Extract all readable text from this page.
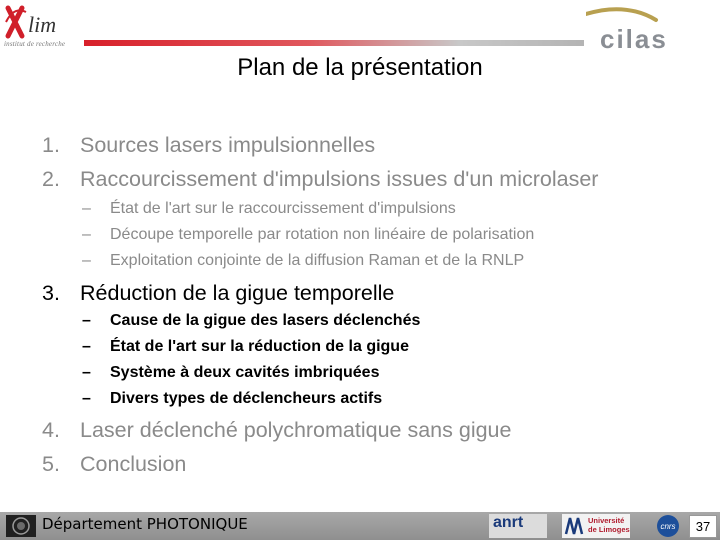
lim
institut de recherche	cilas
Plan de la présentation
1. Sources lasers impulsionnelles
2. Raccourcissement d'impulsions issues d'un microlaser
– État de l'art sur le raccourcissement d'impulsions
– Découpe temporelle par rotation non linéaire de polarisation
– Exploitation conjointe de la diffusion Raman et de la RNLP
3. Réduction de la gigue temporelle
– Cause de la gigue des lasers déclenchés
– État de l'art sur la réduction de la gigue
– Système à deux cavités imbriquées
– Divers types de déclencheurs actifs
4. Laser déclenché polychromatique sans gigue
5. Conclusion
Département PHOTONIQUE	anrt	Université
de Limoges	cnrs	37
